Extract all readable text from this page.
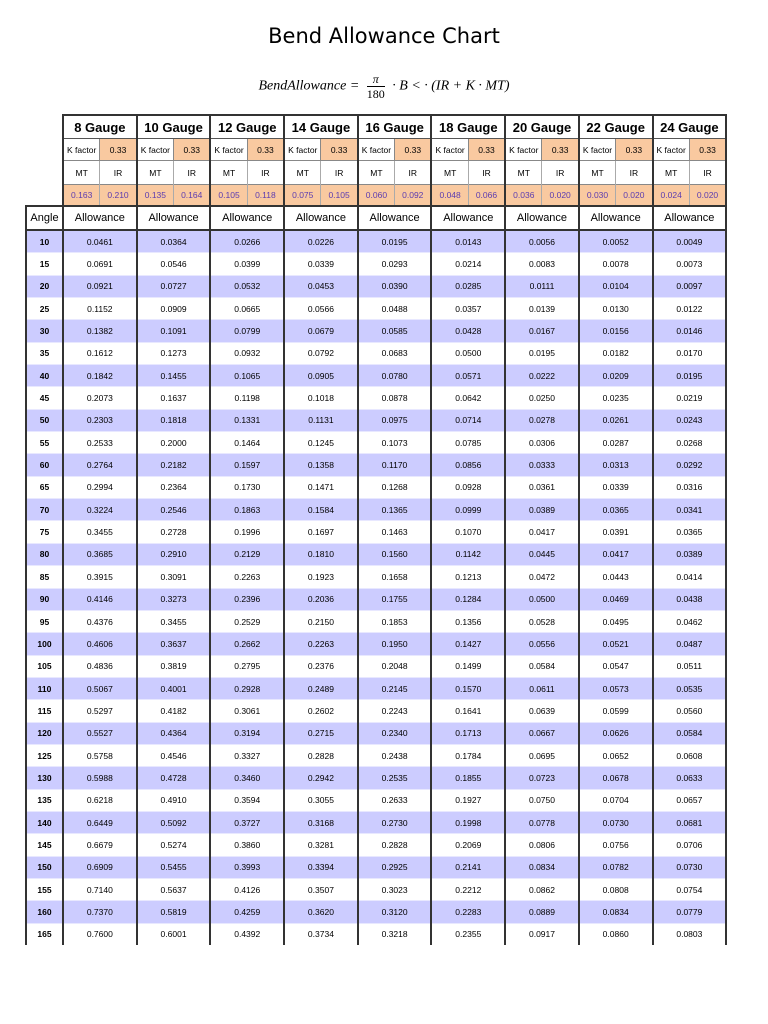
Bend Allowance Chart
BendAllowance = $\frac{\pi}{180} \cdot B$ < · (IR + K · MT)
	8 Gauge		10 Gauge		12 Gauge		14 Gauge		16 Gauge		18 Gauge		20 Gauge		22 Gauge		24 Gauge	
	K factor	0.33	K factor	0.33	K factor	0.33	K factor	0.33	K factor	0.33	K factor	0.33	K factor	0.33	K factor	0.33	K factor	0.33
	MT	IR	MT	IR	MT	IR	MT	IR	MT	IR	MT	IR	MT	IR	MT	IR	MT	IR
	0.163	0.210	0.135	0.164	0.105	0.118	0.075	0.105	0.060	0.092	0.048	0.066	0.036	0.020	0.030	0.020	0.024	0.020
Angle	Allowance		Allowance		Allowance		Allowance		Allowance		Allowance		Allowance		Allowance		Allowance	
10	0.0461		0.0364		0.0266		0.0226		0.0195		0.0143		0.0056		0.0052		0.0049	
15	0.0691		0.0546		0.0399		0.0339		0.0293		0.0214		0.0083		0.0078		0.0073	
20	0.0921		0.0727		0.0532		0.0453		0.0390		0.0285		0.0111		0.0104		0.0097	
25	0.1152		0.0909		0.0665		0.0566		0.0488		0.0357		0.0139		0.0130		0.0122	
30	0.1382		0.1091		0.0799		0.0679		0.0585		0.0428		0.0167		0.0156		0.0146	
35	0.1612		0.1273		0.0932		0.0792		0.0683		0.0500		0.0195		0.0182		0.0170	
40	0.1842		0.1455		0.1065		0.0905		0.0780		0.0571		0.0222		0.0209		0.0195	
45	0.2073		0.1637		0.1198		0.1018		0.0878		0.0642		0.0250		0.0235		0.0219	
50	0.2303		0.1818		0.1331		0.1131		0.0975		0.0714		0.0278		0.0261		0.0243	
55	0.2533		0.2000		0.1464		0.1245		0.1073		0.0785		0.0306		0.0287		0.0268	
60	0.2764		0.2182		0.1597		0.1358		0.1170		0.0856		0.0333		0.0313		0.0292	
65	0.2994		0.2364		0.1730		0.1471		0.1268		0.0928		0.0361		0.0339		0.0316	
70	0.3224		0.2546		0.1863		0.1584		0.1365		0.0999		0.0389		0.0365		0.0341	
75	0.3455		0.2728		0.1996		0.1697		0.1463		0.1070		0.0417		0.0391		0.0365	
80	0.3685		0.2910		0.2129		0.1810		0.1560		0.1142		0.0445		0.0417		0.0389	
85	0.3915		0.3091		0.2263		0.1923		0.1658		0.1213		0.0472		0.0443		0.0414	
90	0.4146		0.3273		0.2396		0.2036		0.1755		0.1284		0.0500		0.0469		0.0438	
95	0.4376		0.3455		0.2529		0.2150		0.1853		0.1356		0.0528		0.0495		0.0462	
100	0.4606		0.3637		0.2662		0.2263		0.1950		0.1427		0.0556		0.0521		0.0487	
105	0.4836		0.3819		0.2795		0.2376		0.2048		0.1499		0.0584		0.0547		0.0511	
110	0.5067		0.4001		0.2928		0.2489		0.2145		0.1570		0.0611		0.0573		0.0535	
115	0.5297		0.4182		0.3061		0.2602		0.2243		0.1641		0.0639		0.0599		0.0560	
120	0.5527		0.4364		0.3194		0.2715		0.2340		0.1713		0.0667		0.0626		0.0584	
125	0.5758		0.4546		0.3327		0.2828		0.2438		0.1784		0.0695		0.0652		0.0608	
130	0.5988		0.4728		0.3460		0.2942		0.2535		0.1855		0.0723		0.0678		0.0633	
135	0.6218		0.4910		0.3594		0.3055		0.2633		0.1927		0.0750		0.0704		0.0657	
140	0.6449		0.5092		0.3727		0.3168		0.2730		0.1998		0.0778		0.0730		0.0681	
145	0.6679		0.5274		0.3860		0.3281		0.2828		0.2069		0.0806		0.0756		0.0706	
150	0.6909		0.5455		0.3993		0.3394		0.2925		0.2141		0.0834		0.0782		0.0730	
155	0.7140		0.5637		0.4126		0.3507		0.3023		0.2212		0.0862		0.0808		0.0754	
160	0.7370		0.5819		0.4259		0.3620		0.3120		0.2283		0.0889		0.0834		0.0779	
165	0.7600		0.6001		0.4392		0.3734		0.3218		0.2355		0.0917		0.0860		0.0803	
